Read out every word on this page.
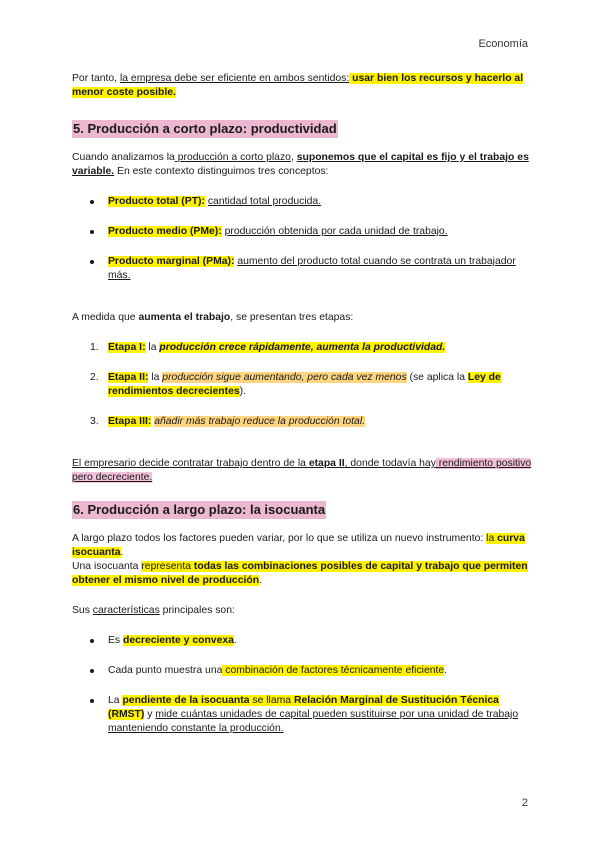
Economía

Por tanto, la empresa debe ser eficiente en ambos sentidos: usar bien los recursos y hacerlo al menor coste posible.

5. Producción a corto plazo: productividad

Cuando analizamos la producción a corto plazo, suponemos que el capital es fijo y el trabajo es variable. En este contexto distinguimos tres conceptos:

Producto total (PT): cantidad total producida.
Producto medio (PMe): producción obtenida por cada unidad de trabajo.
Producto marginal (PMa): aumento del producto total cuando se contrata un trabajador más.

A medida que aumenta el trabajo, se presentan tres etapas:

1. Etapa I: la producción crece rápidamente, aumenta la productividad.
2. Etapa II: la producción sigue aumentando, pero cada vez menos (se aplica la Ley de rendimientos decrecientes).
3. Etapa III: añadir más trabajo reduce la producción total.

El empresario decide contratar trabajo dentro de la etapa II, donde todavía hay rendimiento positivo pero decreciente.

6. Producción a largo plazo: la isocuanta

A largo plazo todos los factores pueden variar, por lo que se utiliza un nuevo instrumento: la curva isocuanta.

Una isocuanta representa todas las combinaciones posibles de capital y trabajo que permiten obtener el mismo nivel de producción.

Sus características principales son:

Es decreciente y convexa.
Cada punto muestra una combinación de factores técnicamente eficiente.
La pendiente de la isocuanta se llama Relación Marginal de Sustitución Técnica (RMST) y mide cuántas unidades de capital pueden sustituirse por una unidad de trabajo manteniendo constante la producción.
2
